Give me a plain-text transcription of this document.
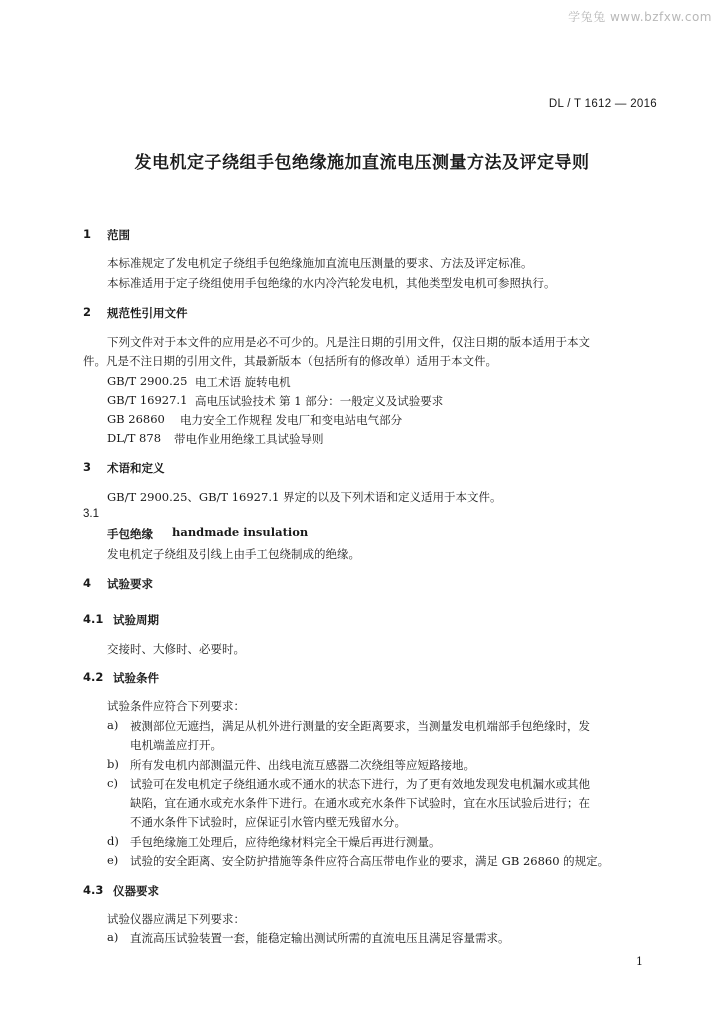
学兔兔 www.bzfxw.com
DL / T 1612 — 2016
发电机定子绕组手包绝缘施加直流电压测量方法及评定导则
1 范围
本标准规定了发电机定子绕组手包绝缘施加直流电压测量的要求、方法及评定标准。
本标准适用于定子绕组使用手包绝缘的水内冷汽轮发电机，其他类型发电机可参照执行。
2 规范性引用文件
下列文件对于本文件的应用是必不可少的。凡是注日期的引用文件，仅注日期的版本适用于本文
件。凡是不注日期的引用文件，其最新版本（包括所有的修改单）适用于本文件。
GB/T 2900.25 电工术语 旋转电机
GB/T 16927.1 高电压试验技术 第 1 部分：一般定义及试验要求
GB 26860 电力安全工作规程 发电厂和变电站电气部分
DL/T 878 带电作业用绝缘工具试验导则
3 术语和定义
GB/T 2900.25、GB/T 16927.1 界定的以及下列术语和定义适用于本文件。
3.1
手包绝缘 handmade insulation
发电机定子绕组及引线上由手工包绕制成的绝缘。
4 试验要求
4.1 试验周期
交接时、大修时、必要时。
4.2 试验条件
试验条件应符合下列要求：
a) 被测部位无遮挡，满足从机外进行测量的安全距离要求，当测量发电机端部手包绝缘时，发
电机端盖应打开。
b) 所有发电机内部测温元件、出线电流互感器二次绕组等应短路接地。
c) 试验可在发电机定子绕组通水或不通水的状态下进行，为了更有效地发现发电机漏水或其他
缺陷，宜在通水或充水条件下进行。在通水或充水条件下试验时，宜在水压试验后进行；在
不通水条件下试验时，应保证引水管内壁无残留水分。
d) 手包绝缘施工处理后，应待绝缘材料完全干燥后再进行测量。
e) 试验的安全距离、安全防护措施等条件应符合高压带电作业的要求，满足 GB 26860 的规定。
4.3 仪器要求
试验仪器应满足下列要求：
a) 直流高压试验装置一套，能稳定输出测试所需的直流电压且满足容量需求。
1
